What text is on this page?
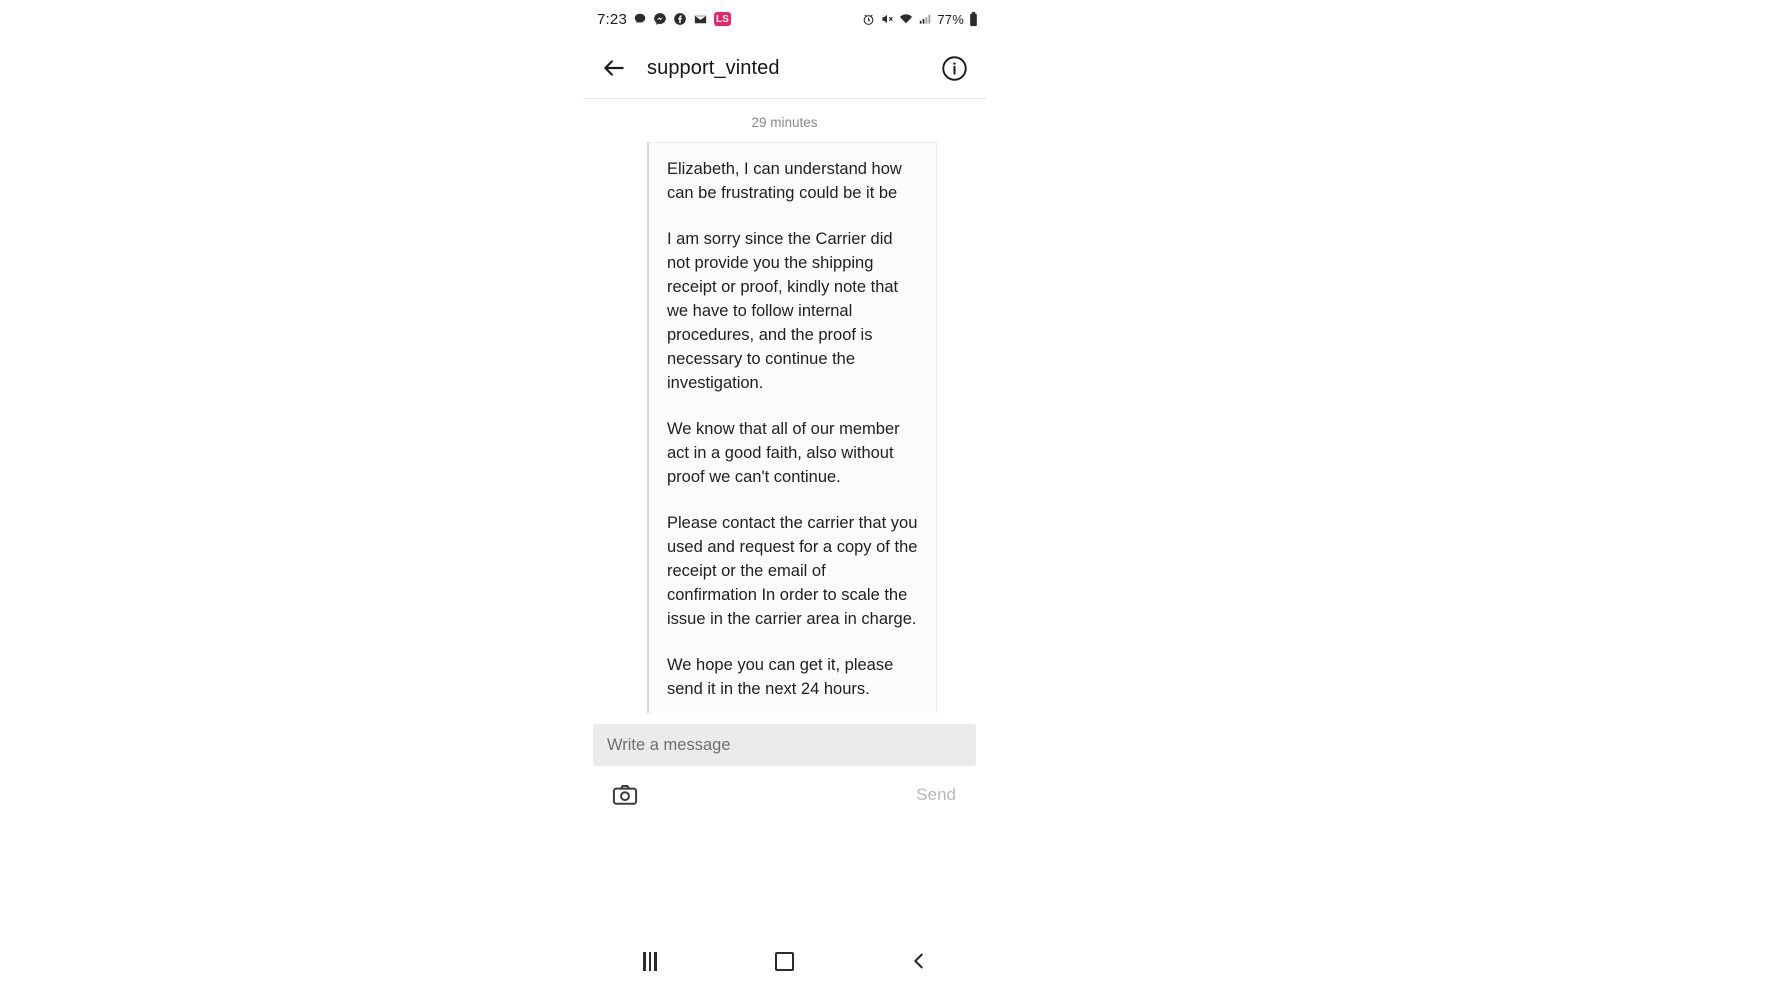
7:23	LS	77%
support_vinted
29 minutes

Elizabeth, I can understand how can be frustrating could be it be

I am sorry since the Carrier did not provide you the shipping receipt or proof, kindly note that we have to follow internal procedures, and the proof is necessary to continue the investigation.

We know that all of our member act in a good faith, also without proof we can't continue.

Please contact the carrier that you used and request for a copy of the receipt or the email of confirmation In order to scale the issue in the carrier area in charge.

We hope you can get it, please send it in the next 24 hours.

Write a message
Send
